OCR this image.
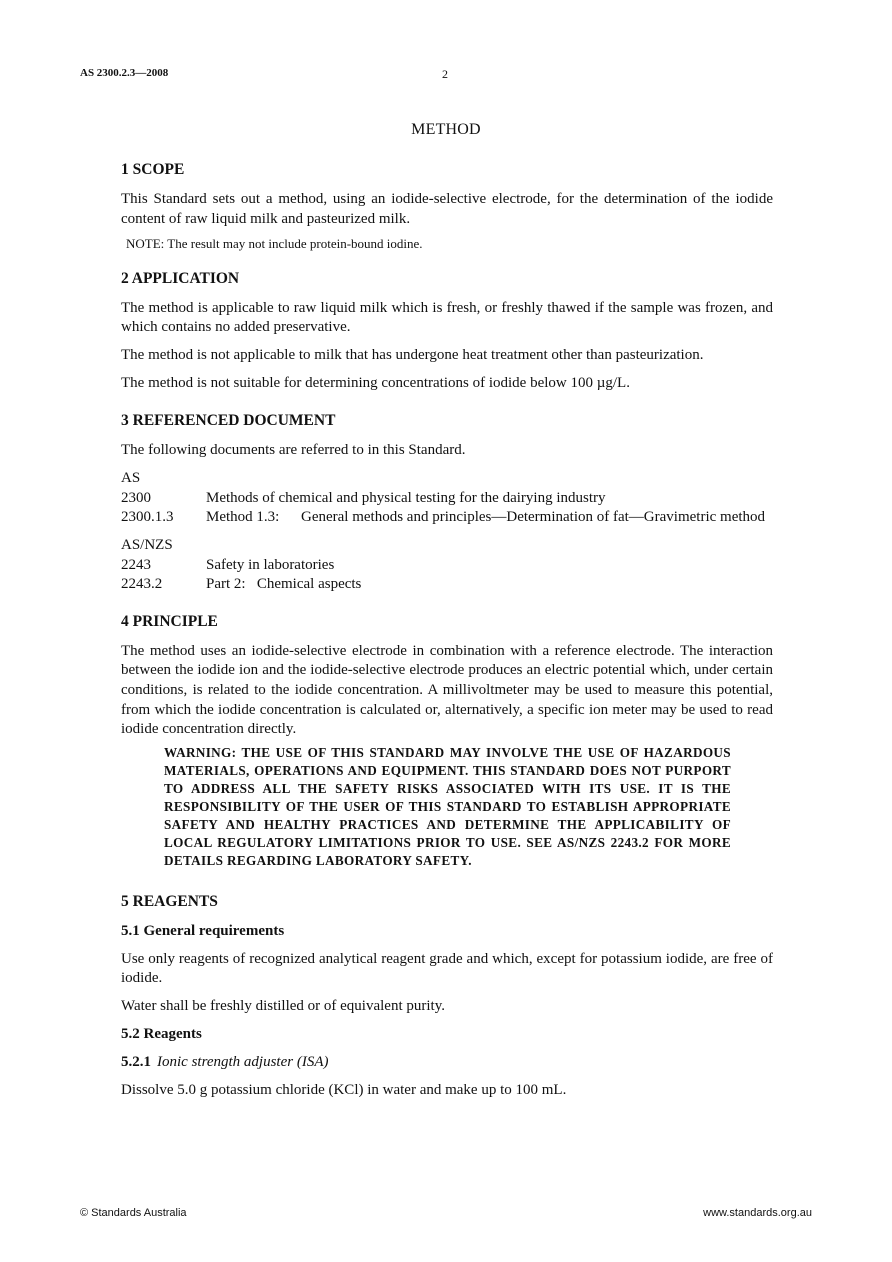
AS 2300.2.3—2008	2
METHOD
1 SCOPE

This Standard sets out a method, using an iodide-selective electrode, for the determination of the iodide content of raw liquid milk and pasteurized milk.

NOTE: The result may not include protein-bound iodine.
2 APPLICATION

The method is applicable to raw liquid milk which is fresh, or freshly thawed if the sample was frozen, and which contains no added preservative.

The method is not applicable to milk that has undergone heat treatment other than pasteurization.

The method is not suitable for determining concentrations of iodide below 100 µg/L.

3 REFERENCED DOCUMENT

The following documents are referred to in this Standard.

AS
2300	Methods of chemical and physical testing for the dairying industry
2300.1.3	Method 1.3:	General methods and principles—Determination of fat—Gravimetric method
AS/NZS
2243	Safety in laboratories
2243.2	Part 2: Chemical aspects
4 PRINCIPLE

The method uses an iodide-selective electrode in combination with a reference electrode. The interaction between the iodide ion and the iodide-selective electrode produces an electric potential which, under certain conditions, is related to the iodide concentration. A millivoltmeter may be used to measure this potential, from which the iodide concentration is calculated or, alternatively, a specific ion meter may be used to read iodide concentration directly.

WARNING: THE USE OF THIS STANDARD MAY INVOLVE THE USE OF HAZARDOUS MATERIALS, OPERATIONS AND EQUIPMENT. THIS STANDARD DOES NOT PURPORT TO ADDRESS ALL THE SAFETY RISKS ASSOCIATED WITH ITS USE. IT IS THE RESPONSIBILITY OF THE USER OF THIS STANDARD TO ESTABLISH APPROPRIATE SAFETY AND HEALTHY PRACTICES AND DETERMINE THE APPLICABILITY OF LOCAL REGULATORY LIMITATIONS PRIOR TO USE. SEE AS/NZS 2243.2 FOR MORE DETAILS REGARDING LABORATORY SAFETY.
5 REAGENTS
5.1 General requirements

Use only reagents of recognized analytical reagent grade and which, except for potassium iodide, are free of iodide.

Water shall be freshly distilled or of equivalent purity.

5.2 Reagents
5.2.1 Ionic strength adjuster (ISA)

Dissolve 5.0 g potassium chloride (KCl) in water and make up to 100 mL.

© Standards Australia	www.standards.org.au
